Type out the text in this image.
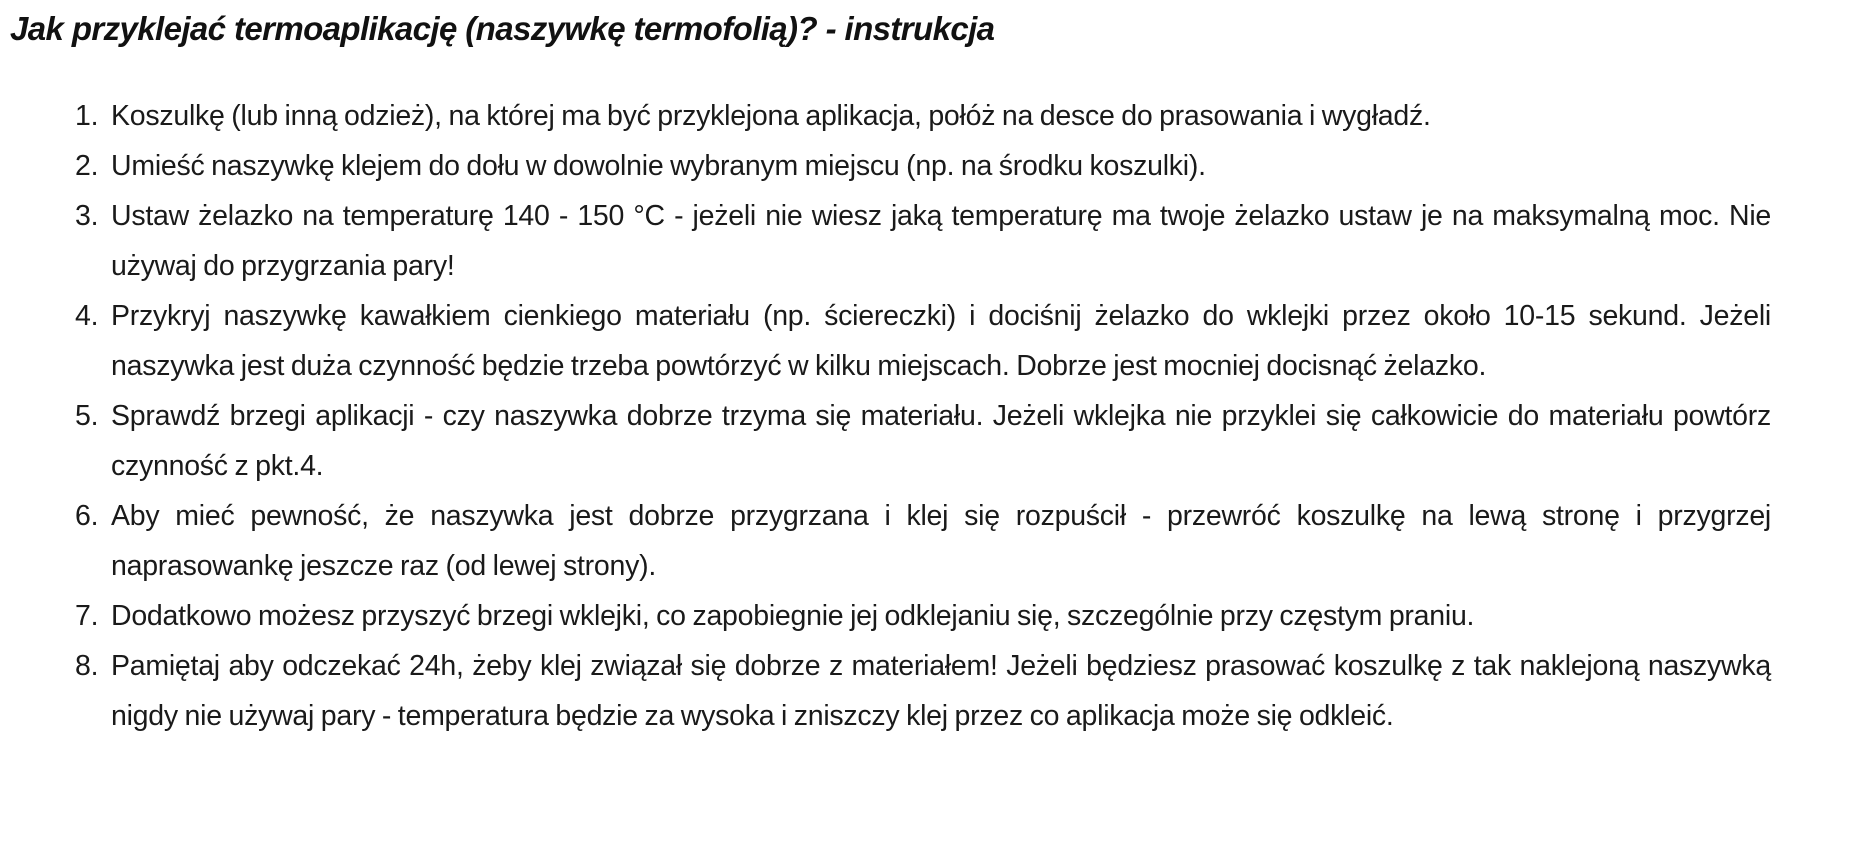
Jak przyklejać termoaplikację (naszywkę termofolią)? - instrukcja
1. Koszulkę (lub inną odzież), na której ma być przyklejona aplikacja, połóż na desce do prasowania i wygładź.
2. Umieść naszywkę klejem do dołu w dowolnie wybranym miejscu (np. na środku koszulki).
3. Ustaw żelazko na temperaturę 140 - 150 °C - jeżeli nie wiesz jaką temperaturę ma twoje żelazko ustaw je na maksymalną moc. Nie używaj do przygrzania pary!
4. Przykryj naszywkę kawałkiem cienkiego materiału (np. ściereczki) i dociśnij żelazko do wklejki przez około 10-15 sekund. Jeżeli naszywka jest duża czynność będzie trzeba powtórzyć w kilku miejscach. Dobrze jest mocniej docisnąć żelazko.
5. Sprawdź brzegi aplikacji - czy naszywka dobrze trzyma się materiału. Jeżeli wklejka nie przyklei się całkowicie do materiału powtórz czynność z pkt.4.
6. Aby mieć pewność, że naszywka jest dobrze przygrzana i klej się rozpuścił - przewróć koszulkę na lewą stronę i przygrzej naprasowankę jeszcze raz (od lewej strony).
7. Dodatkowo możesz przyszyć brzegi wklejki, co zapobiegnie jej odklejaniu się, szczególnie przy częstym praniu.
8. Pamiętaj aby odczekać 24h, żeby klej związał się dobrze z materiałem! Jeżeli będziesz prasować koszulkę z tak naklejoną naszywką nigdy nie używaj pary - temperatura będzie za wysoka i zniszczy klej przez co aplikacja może się odkleić.
